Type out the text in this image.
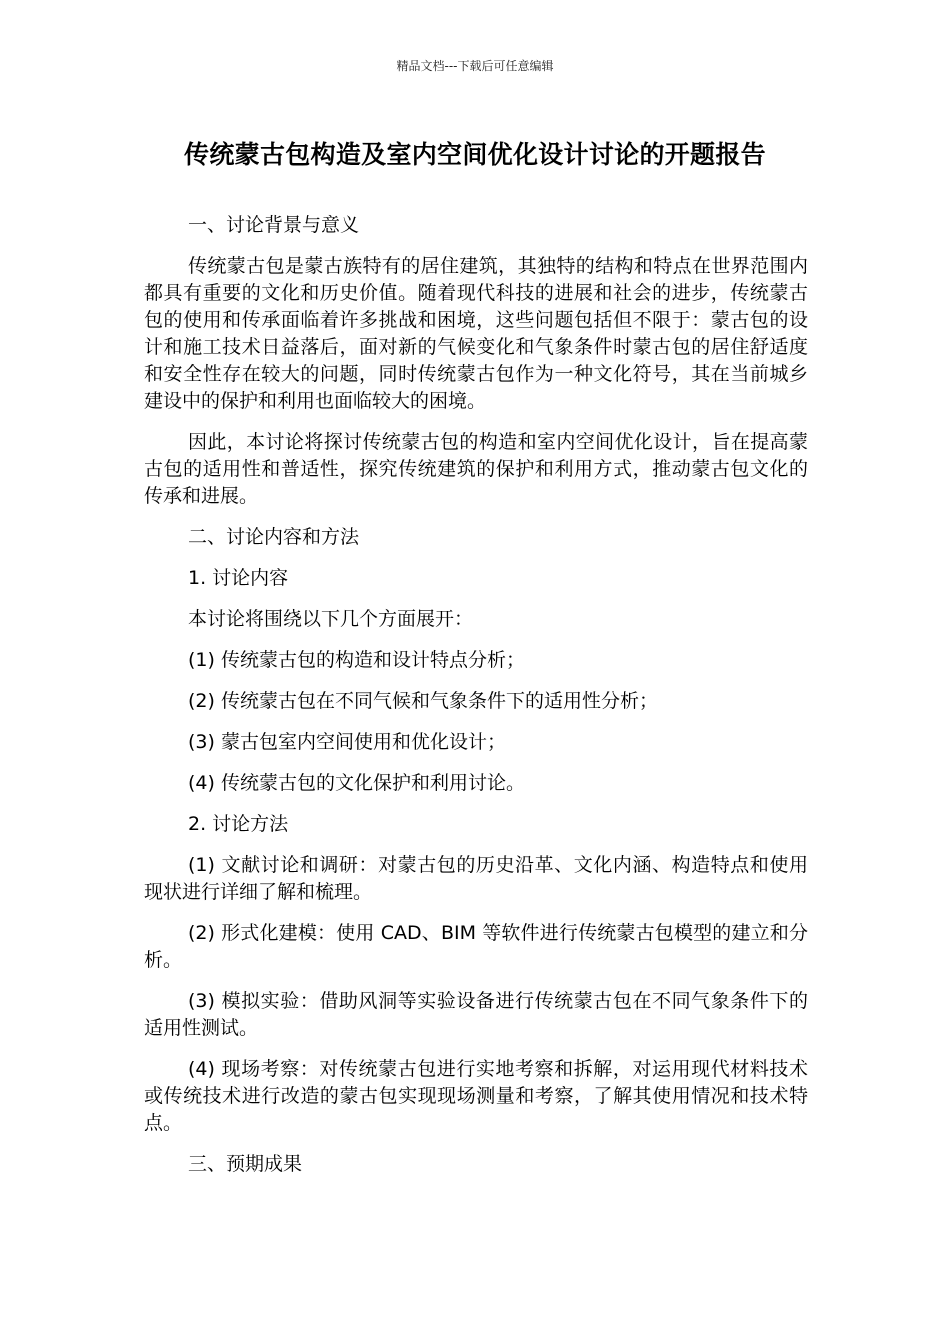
精品文档---下载后可任意编辑
传统蒙古包构造及室内空间优化设计讨论的开题报告

一、讨论背景与意义

传统蒙古包是蒙古族特有的居住建筑，其独特的结构和特点在世界范围内都具有重要的文化和历史价值。随着现代科技的进展和社会的进步，传统蒙古包的使用和传承面临着许多挑战和困境，这些问题包括但不限于：蒙古包的设计和施工技术日益落后，面对新的气候变化和气象条件时蒙古包的居住舒适度和安全性存在较大的问题，同时传统蒙古包作为一种文化符号，其在当前城乡建设中的保护和利用也面临较大的困境。

因此，本讨论将探讨传统蒙古包的构造和室内空间优化设计，旨在提高蒙古包的适用性和普适性，探究传统建筑的保护和利用方式，推动蒙古包文化的传承和进展。

二、讨论内容和方法

1. 讨论内容

本讨论将围绕以下几个方面展开：

(1) 传统蒙古包的构造和设计特点分析；

(2) 传统蒙古包在不同气候和气象条件下的适用性分析；

(3) 蒙古包室内空间使用和优化设计；

(4) 传统蒙古包的文化保护和利用讨论。

2. 讨论方法

(1) 文献讨论和调研：对蒙古包的历史沿革、文化内涵、构造特点和使用现状进行详细了解和梳理。

(2) 形式化建模：使用 CAD、BIM 等软件进行传统蒙古包模型的建立和分析。

(3) 模拟实验：借助风洞等实验设备进行传统蒙古包在不同气象条件下的适用性测试。

(4) 现场考察：对传统蒙古包进行实地考察和拆解，对运用现代材料技术或传统技术进行改造的蒙古包实现现场测量和考察，了解其使用情况和技术特点。

三、预期成果
